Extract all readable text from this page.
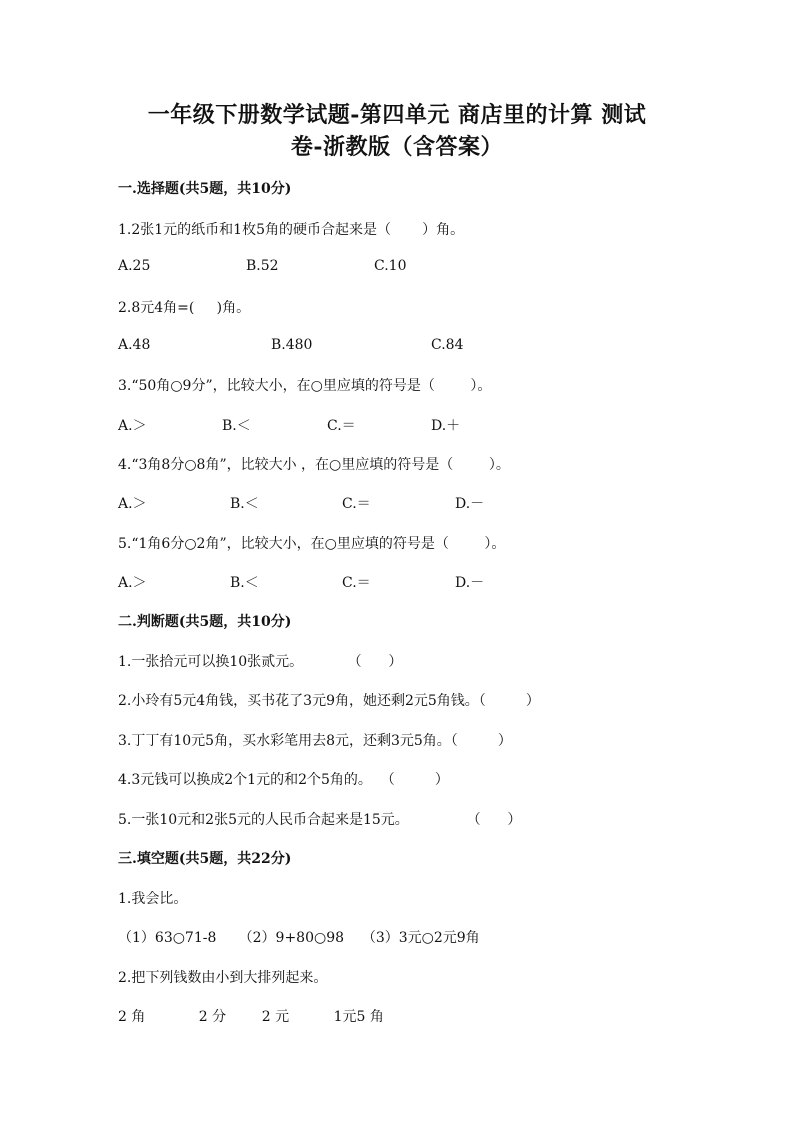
一年级下册数学试题-第四单元 商店里的计算 测试
卷-浙教版（含答案）
一.选择题(共5题，共10分)
1.2张1元的纸币和1枚5角的硬币合起来是（       ）角。
A.25	B.52	C.10
2.8元4角=(     )角。
A.48	B.480	C.84
3.“50角○9分”，比较大小，在○里应填的符号是（        ）。
A.＞	B.＜	C.＝	D.＋
4.“3角8分○8角”，比较大小 ，在○里应填的符号是（        ）。
A.＞	B.＜	C.＝	D.－
5.“1角6分○2角”，比较大小，在○里应填的符号是（        ）。
A.＞	B.＜	C.＝	D.－
二.判断题(共5题，共10分)
1.一张拾元可以换10张贰元。          （      ）
2.小玲有5元4角钱，买书花了3元9角，她还剩2元5角钱。（         ）
3.丁丁有10元5角，买水彩笔用去8元，还剩3元5角。（         ）
4.3元钱可以换成2个1元的和2个5角的。  （         ）
5.一张10元和2张5元的人民币合起来是15元。             （      ）
三.填空题(共5题，共22分)
1.我会比。
（1）63○71-8     （2）9+80○98    （3）3元○2元9角
2.把下列钱数由小到大排列起来。
2 角            2 分        2 元          1元5 角
